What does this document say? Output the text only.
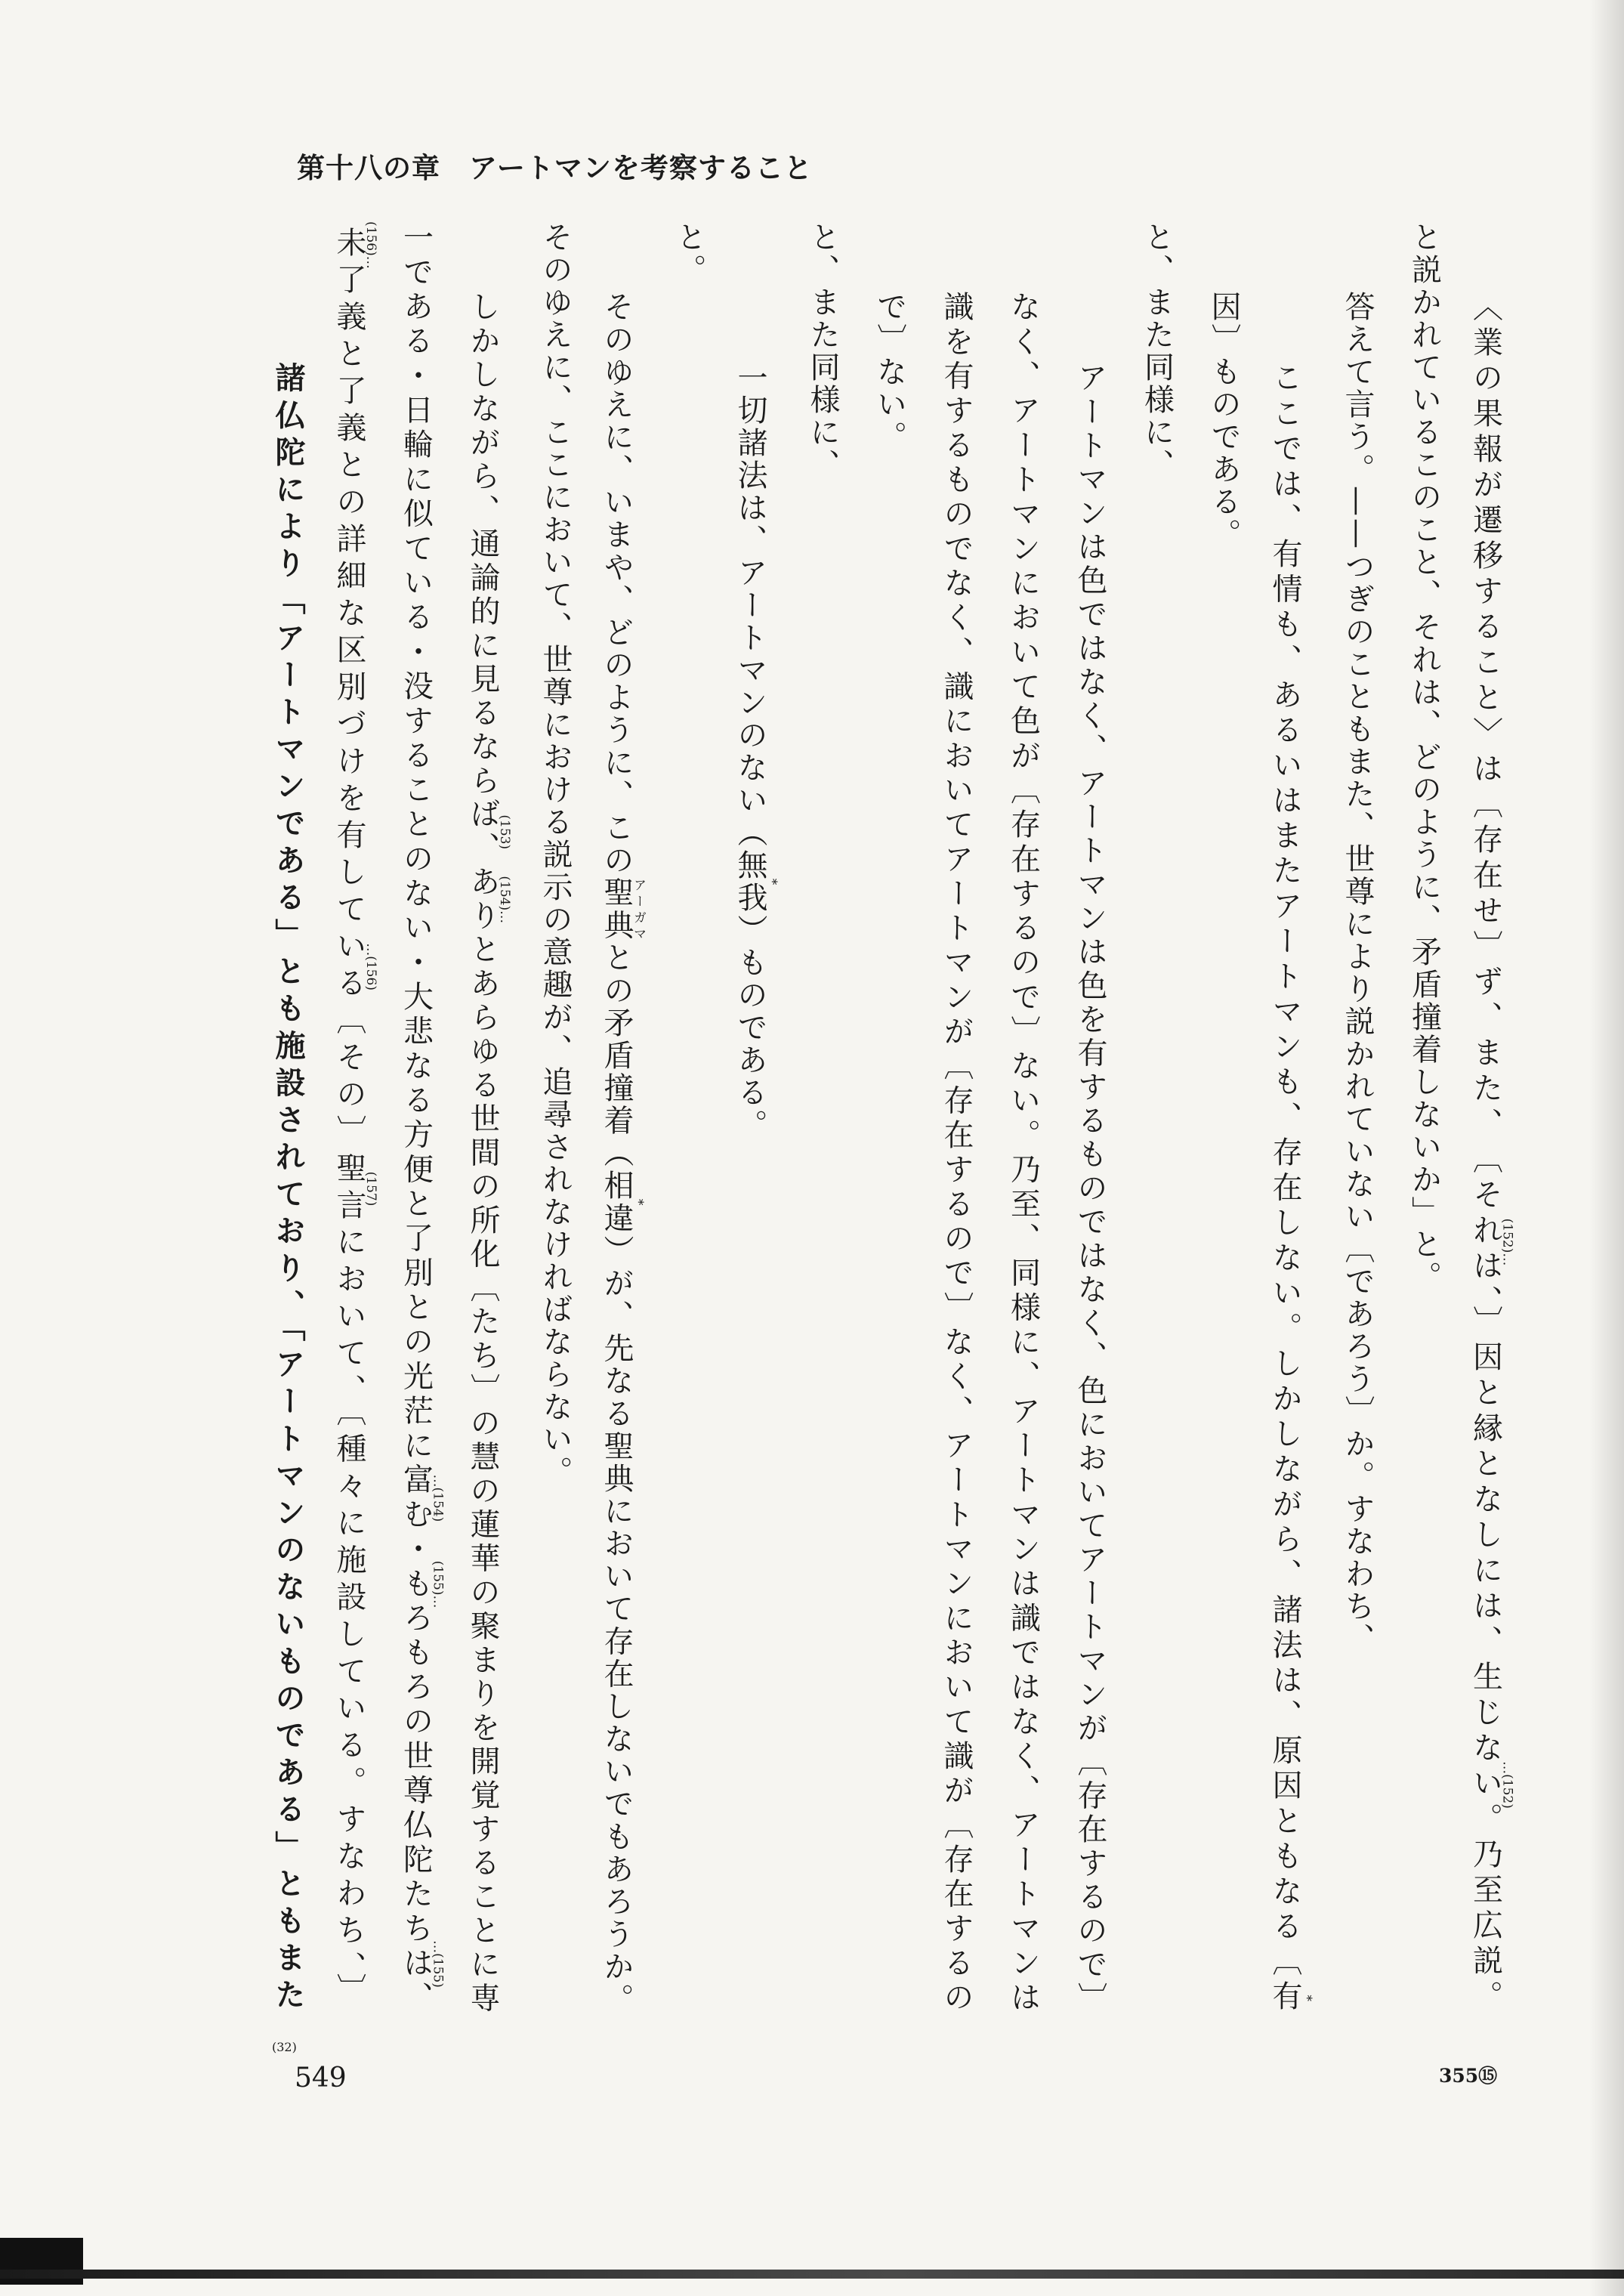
第十八の章　アートマンを考察すること
〈業の果報が遷移すること〉は〔存在せ〕ず、また、〔それは、〕(152)…因と縁となしには、生じない。…(152)乃至広説。
と説かれているこのこと、それは、どのように、矛盾撞着しないか」と。
答えて言う。——つぎのこともまた、世尊により説かれていない〔であろう〕か。すなわち、
ここでは、有情も、あるいはまたアートマンも、存在しない。しかしながら、諸法は、原因ともなる〔有*
因〕ものである。
と、また同様に、
アートマンは色ではなく、アートマンは色を有するものではなく、色においてアートマンが〔存在するので〕
なく、アートマンにおいて色が〔存在するので〕ない。乃至、同様に、アートマンは識ではなく、アートマンは
識を有するものでなく、識においてアートマンが〔存在するので〕なく、アートマンにおいて識が〔存在するの
で〕ない。
と、また同様に、
一切諸法は、アートマンのない（無我*）ものである。
と。
そのゆえに、いまや、どのように、この聖典アーガマとの矛盾撞着（相違*）が、先なる聖典において存在しないでもあろうか。
そのゆえに、ここにおいて、世尊における説示の意趣が、追尋されなければならない。
しかしながら、通論的に見るならば、(153)あり(154)…とあらゆる世間の所化〔たち〕の慧の蓮華の聚まりを開覚することに専
一である・日輪に似ている・没することのない・大悲なる方便と了別との光茫に富む…(154)・もろ(155)…もろの世尊仏陀たちは、…(155)
未(156)…了義と了義との詳細な区別づけを有している…(156)〔その〕聖言(157)において、〔種々に施設している。すなわち、〕
諸仏陀により「アートマンである」とも施設されており、「アートマンのないものである」ともまた
(32)
549	355⑮
